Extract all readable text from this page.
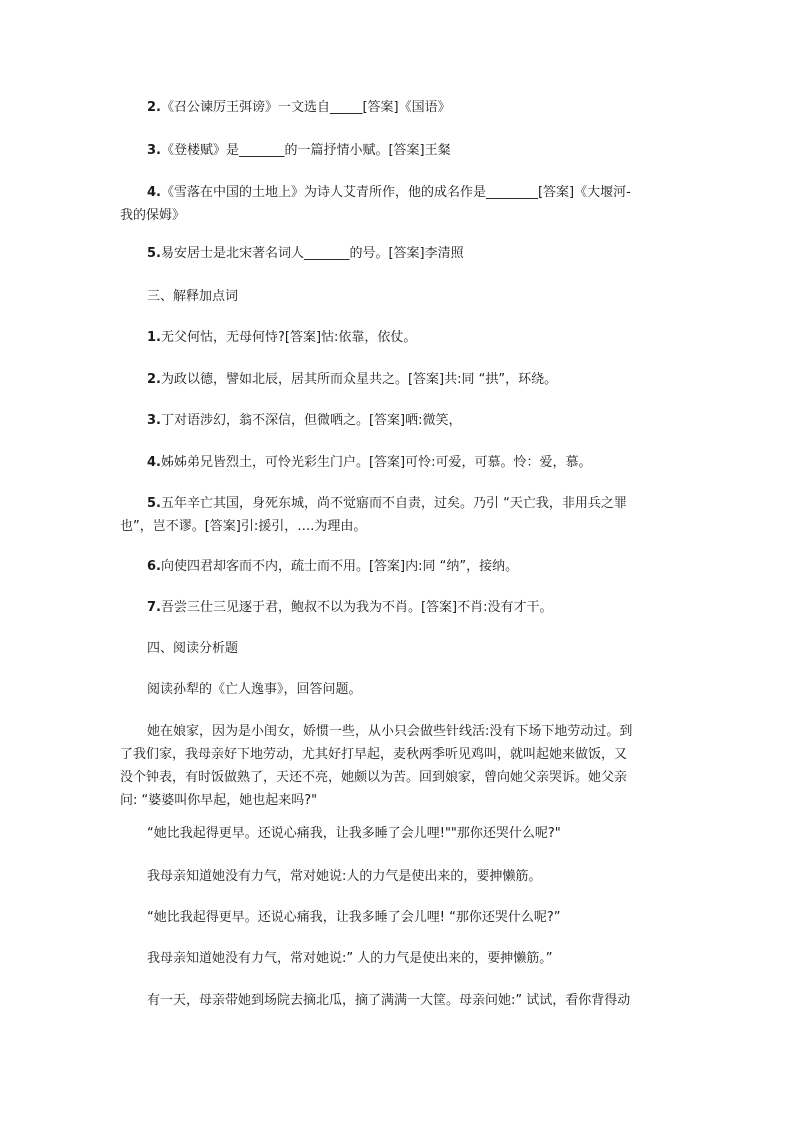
2.《召公谏厉王弭谤》一文选自_____[答案]《国语》
3.《登楼赋》是_______的一篇抒情小赋。[答案]王粲
4.《雪落在中国的土地上》为诗人艾青所作，他的成名作是________[答案]《大堰河-
我的保姆》
5.易安居士是北宋著名词人_______的号。[答案]李清照
三、解释加点词
1.无父何怙，无母何恃?[答案]怙:依靠，依仗。
2.为政以德，譬如北辰，居其所而众星共之。[答案]共:同 “拱”，环绕。
3.丁对语涉幻，翁不深信，但微哂之。[答案]哂:微笑，
4.姊姊弟兄皆烈土，可怜光彩生门户。[答案]可怜:可爱，可慕。怜：爱，慕。
5.五年辛亡其国，身死东城，尚不觉寤而不自责，过矣。乃引 “天亡我，非用兵之罪
也”，岂不谬。[答案]引:援引，….为理由。
6.向使四君却客而不内，疏士而不用。[答案]内:同 “纳”，接纳。
7.吾尝三仕三见逐于君，鲍叔不以为我为不肖。[答案]不肖:没有才干。
四、阅读分析题
阅读孙犁的《亡人逸事》，回答问题。
她在娘家，因为是小闺女，娇惯一些，从小只会做些针线活:没有下场下地劳动过。到
了我们家，我母亲好下地劳动，尤其好打早起，麦秋两季听见鸡叫，就叫起她来做饭，又
没个钟表，有时饭做熟了，天还不亮，她颇以为苦。回到娘家，曾向她父亲哭诉。她父亲
问: “婆婆叫你早起，她也起来吗?"
“她比我起得更早。还说心痛我，让我多睡了会儿哩!""那你还哭什么呢?"
我母亲知道她没有力气，常对她说:人的力气是使出来的，要抻懒筋。
“她比我起得更早。还说心痛我，让我多睡了会儿哩! “那你还哭什么呢?”
我母亲知道她没有力气，常对她说:” 人的力气是使出来的，要抻懒筋。”
有一天，母亲带她到场院去摘北瓜，摘了满满一大筐。母亲问她:” 试试，看你背得动
